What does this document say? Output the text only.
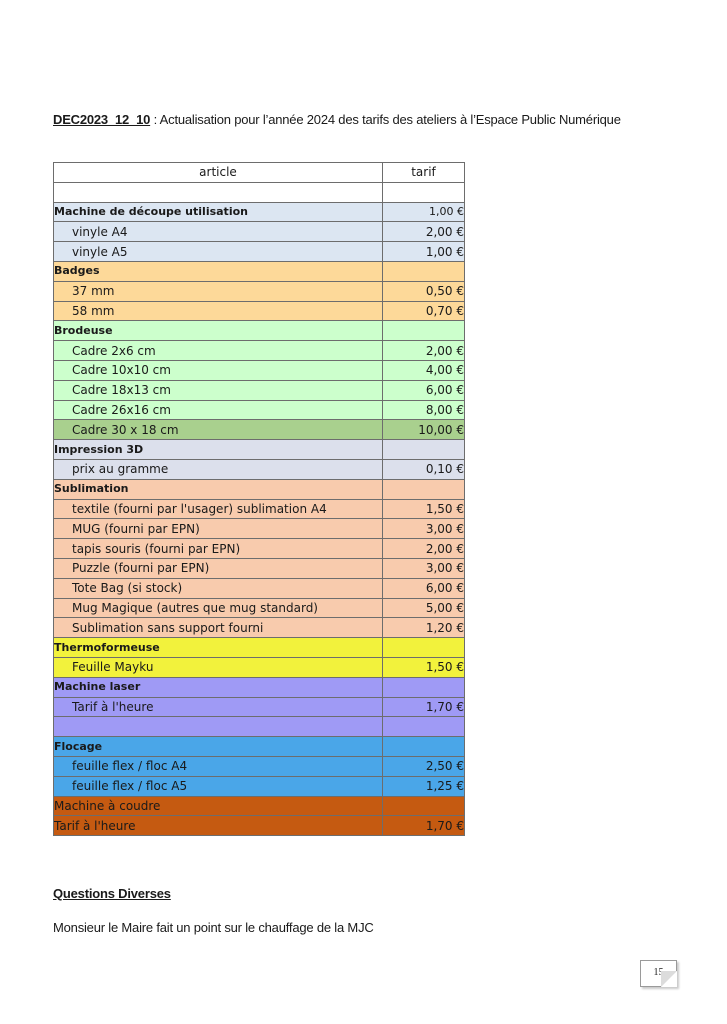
DEC2023_12_10 : Actualisation pour l’année 2024 des tarifs des ateliers à l’Espace Public Numérique
article	tarif

Machine de découpe utilisation	1,00 €
vinyle A4	2,00 €
vinyle A5	1,00 €
Badges	
37 mm	0,50 €
58 mm	0,70 €
Brodeuse	
Cadre 2x6 cm	2,00 €
Cadre 10x10 cm	4,00 €
Cadre 18x13 cm	6,00 €
Cadre 26x16 cm	8,00 €
Cadre 30 x 18 cm	10,00 €
Impression 3D	
prix au gramme	0,10 €
Sublimation	
textile (fourni par l'usager) sublimation A4	1,50 €
MUG (fourni par EPN)	3,00 €
tapis souris (fourni par EPN)	2,00 €
Puzzle (fourni par EPN)	3,00 €
Tote Bag (si stock)	6,00 €
Mug Magique (autres que mug standard)	5,00 €
Sublimation sans support fourni	1,20 €
Thermoformeuse	
Feuille Mayku	1,50 €
Machine laser	
Tarif à l'heure	1,70 €

Flocage	
feuille flex / floc A4	2,50 €
feuille flex / floc A5	1,25 €
Machine à coudre	
Tarif à l'heure	1,70 €
Questions Diverses
Monsieur le Maire fait un point sur le chauffage de la MJC
15
